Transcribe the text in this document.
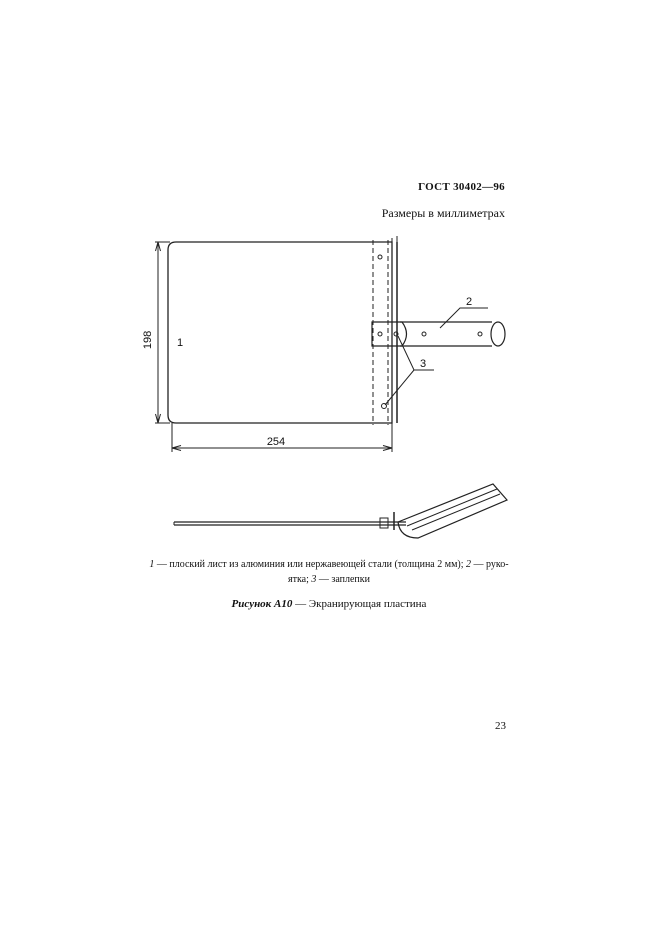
ГОСТ 30402—96
Размеры в миллиметрах
198
254
1
2
3
1 — плоский лист из алюминия или нержавеющей стали (толщина 2 мм); 2 — руко-
ятка; 3 — заплепки
Рисунок А10 — Экранирующая пластина
23
